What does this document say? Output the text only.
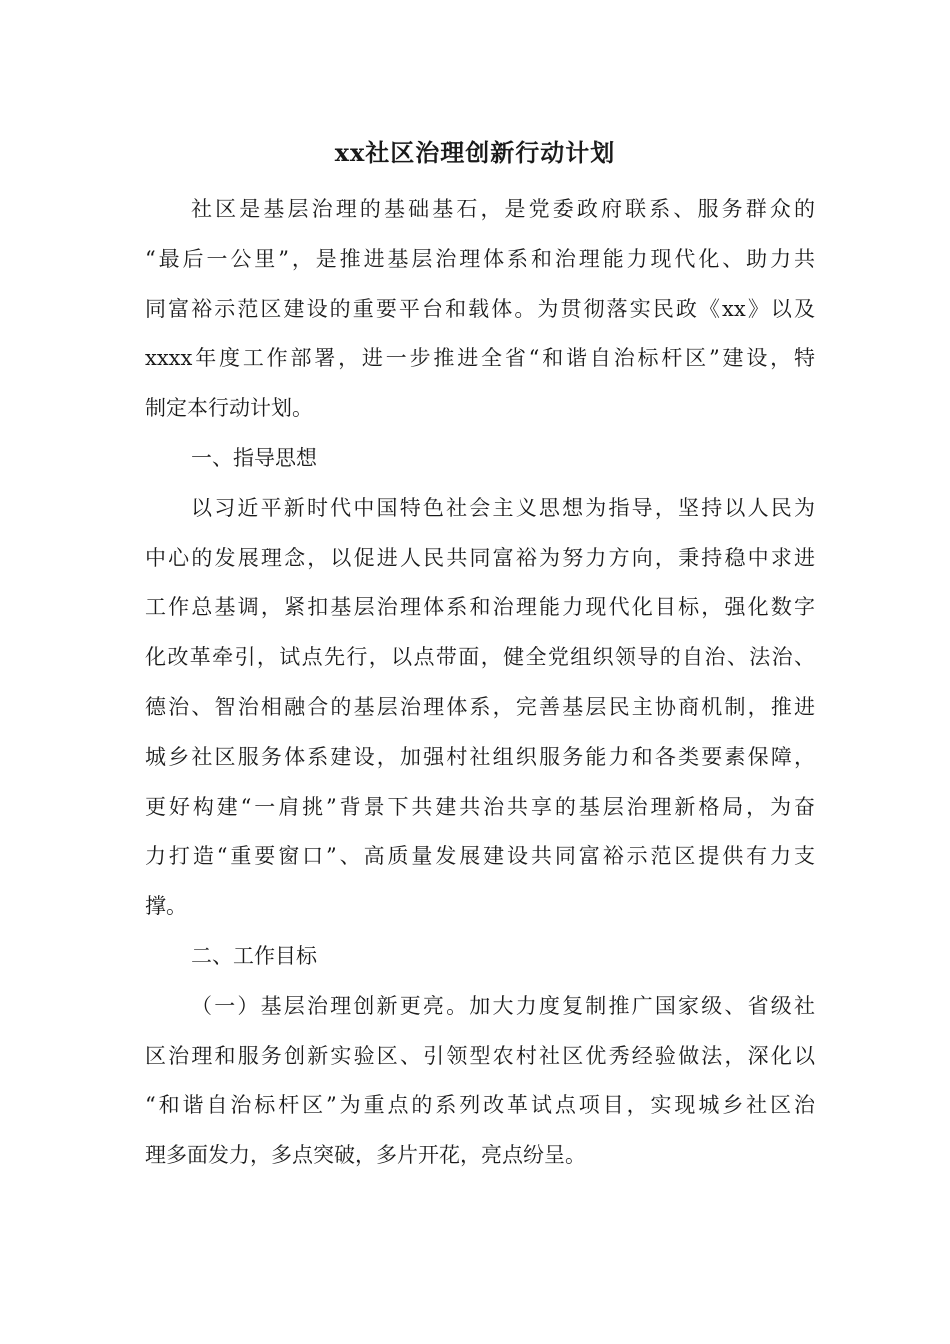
xx社区治理创新行动计划
社区是基层治理的基础基石，是党委政府联系、服务群众的
“最后一公里”，是推进基层治理体系和治理能力现代化、助力共
同富裕示范区建设的重要平台和载体。为贯彻落实民政《xx》以及
xxxx年度工作部署，进一步推进全省“和谐自治标杆区”建设，特
制定本行动计划。
一、指导思想
以习近平新时代中国特色社会主义思想为指导，坚持以人民为
中心的发展理念，以促进人民共同富裕为努力方向，秉持稳中求进
工作总基调，紧扣基层治理体系和治理能力现代化目标，强化数字
化改革牵引，试点先行，以点带面，健全党组织领导的自治、法治、
德治、智治相融合的基层治理体系，完善基层民主协商机制，推进
城乡社区服务体系建设，加强村社组织服务能力和各类要素保障，
更好构建“一肩挑”背景下共建共治共享的基层治理新格局，为奋
力打造“重要窗口”、高质量发展建设共同富裕示范区提供有力支
撑。
二、工作目标
（一）基层治理创新更亮。加大力度复制推广国家级、省级社
区治理和服务创新实验区、引领型农村社区优秀经验做法，深化以
“和谐自治标杆区”为重点的系列改革试点项目，实现城乡社区治
理多面发力，多点突破，多片开花，亮点纷呈。
